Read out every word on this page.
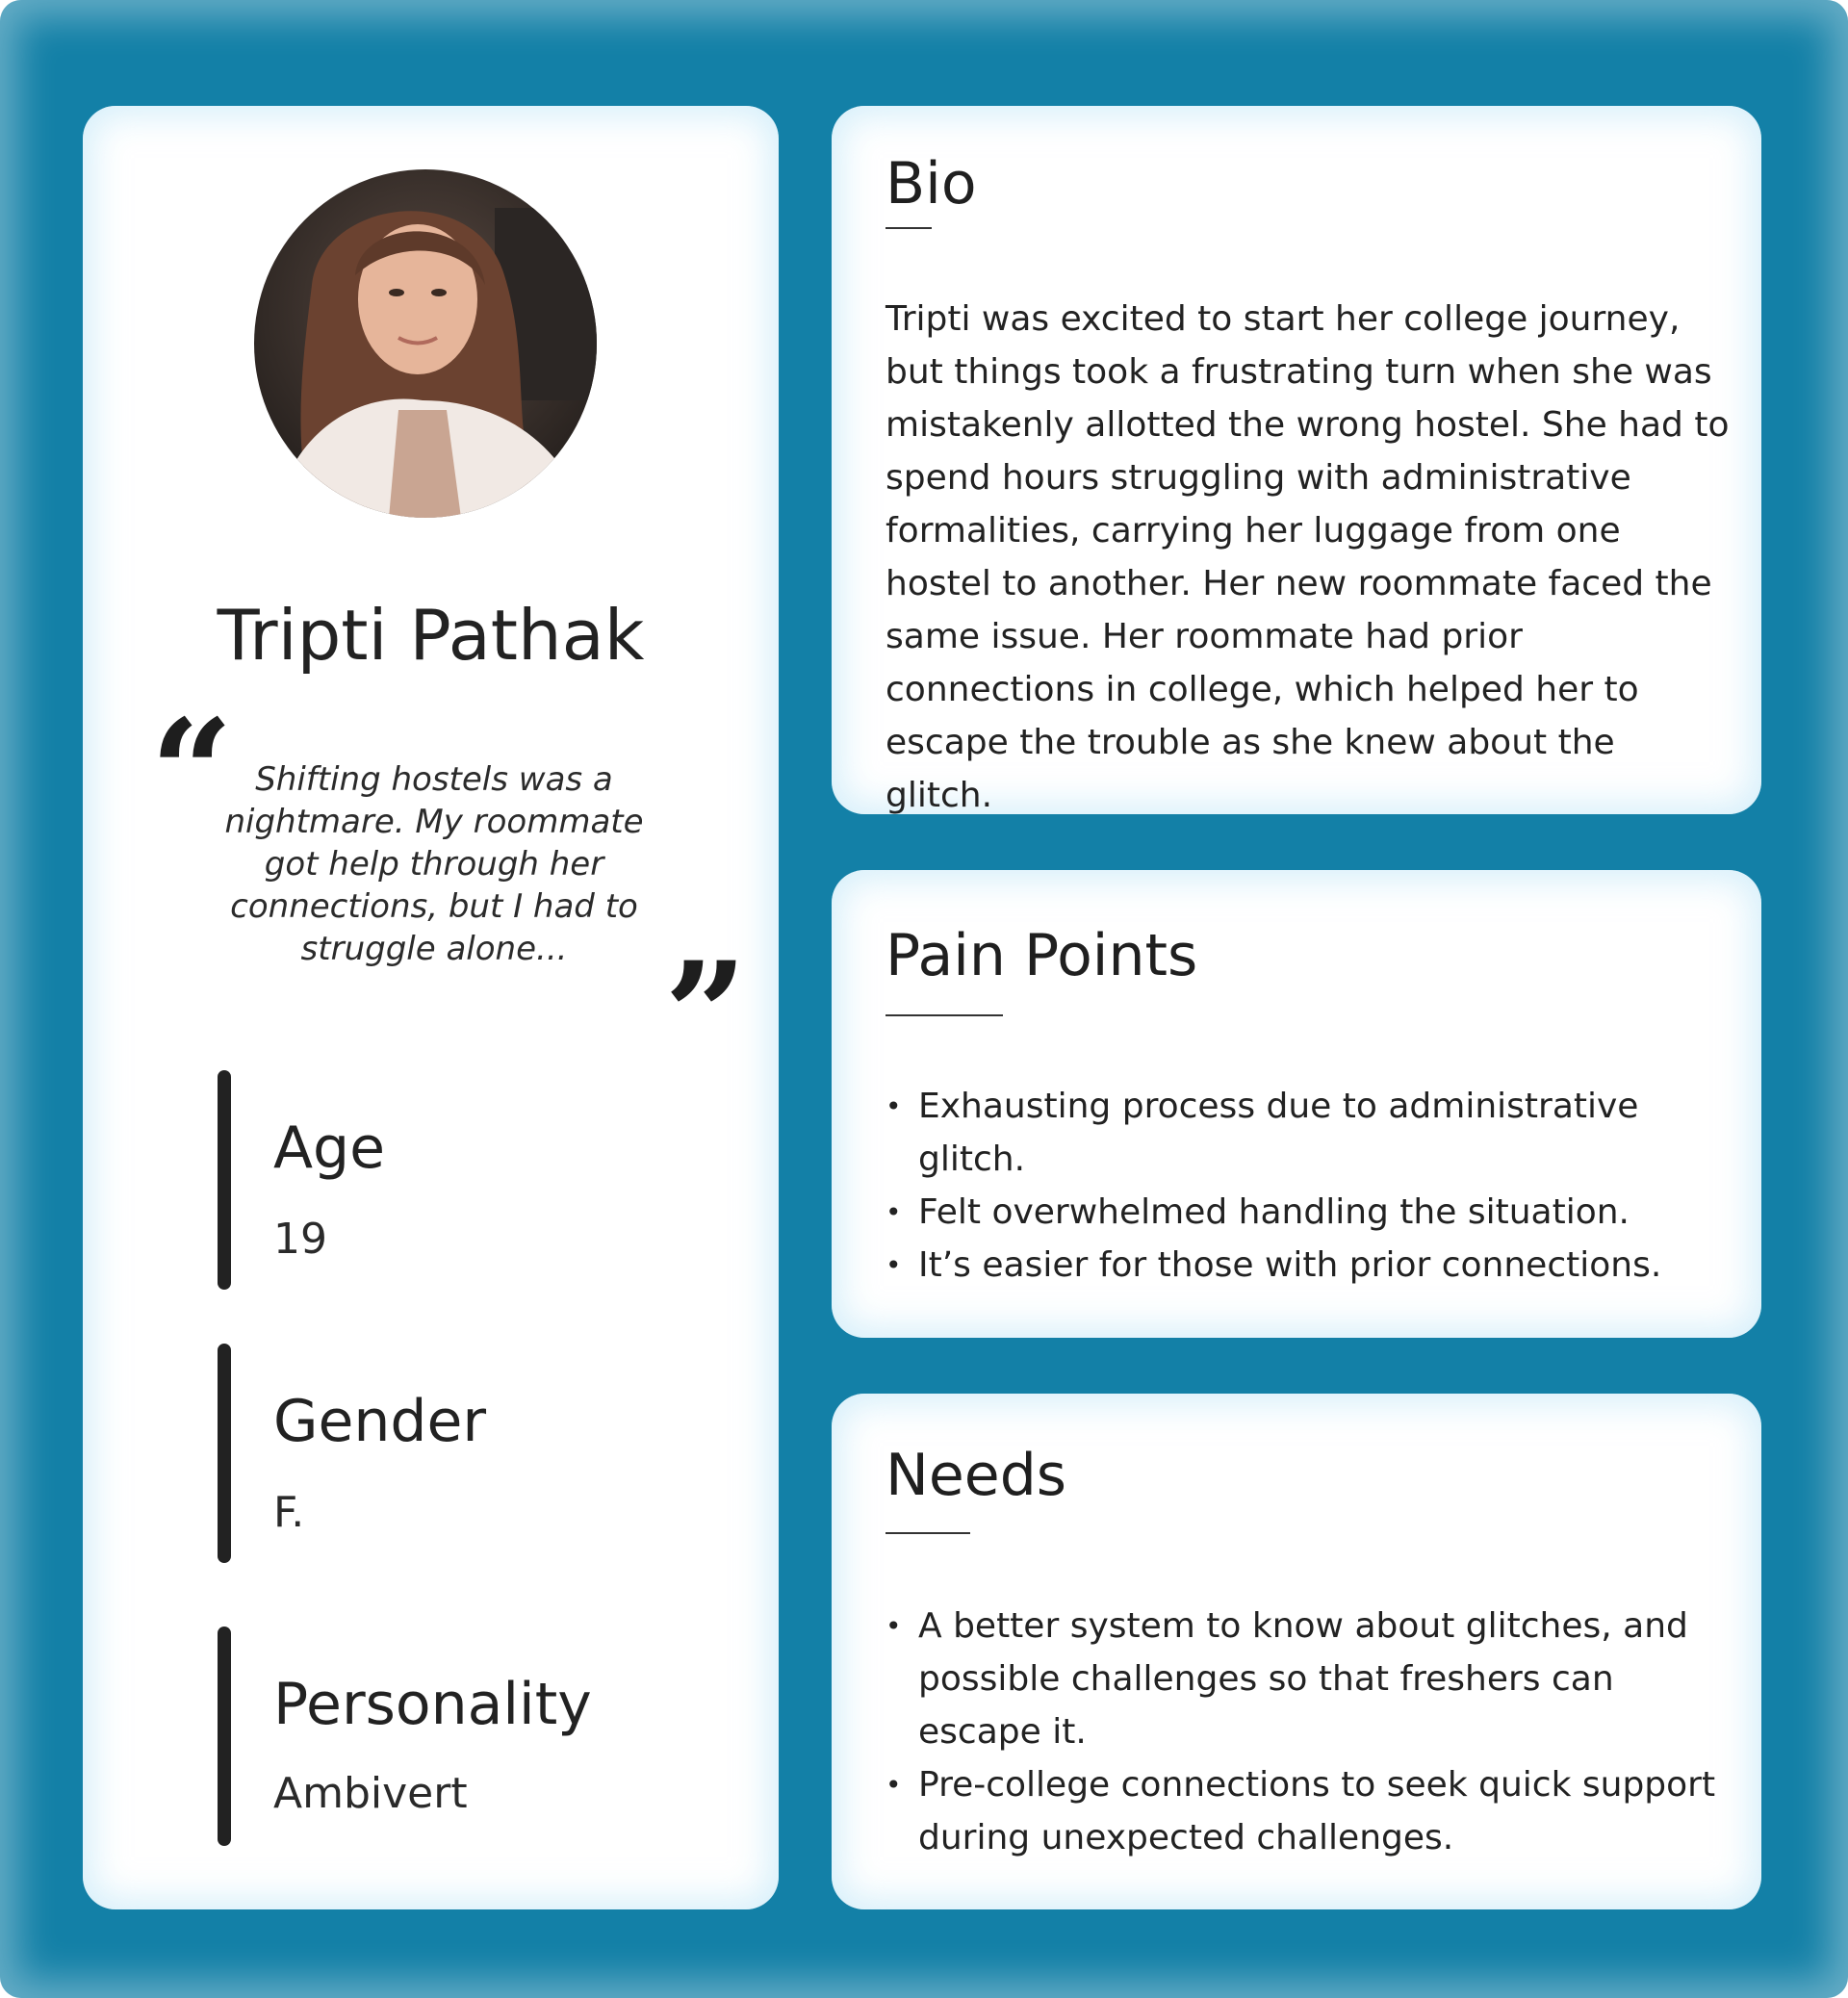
Tripti Pathak
“ Shifting hostels was a nightmare. My roommate got help through her connections, but I had to struggle alone... ”

Age

19

Gender

F.

Personality

Ambivert

Bio

Tripti was excited to start her college journey, but things took a frustrating turn when she was mistakenly allotted the wrong hostel. She had to spend hours struggling with administrative formalities, carrying her luggage from one hostel to another. Her new roommate faced the same issue. Her roommate had prior connections in college, which helped her to escape the trouble as she knew about the glitch.

Pain Points
• Exhausting process due to administrative glitch.
• Felt overwhelmed handling the situation.
• It’s easier for those with prior connections.
Needs
• A better system to know about glitches, and possible challenges so that freshers can escape it.
• Pre-college connections to seek quick support during unexpected challenges.
